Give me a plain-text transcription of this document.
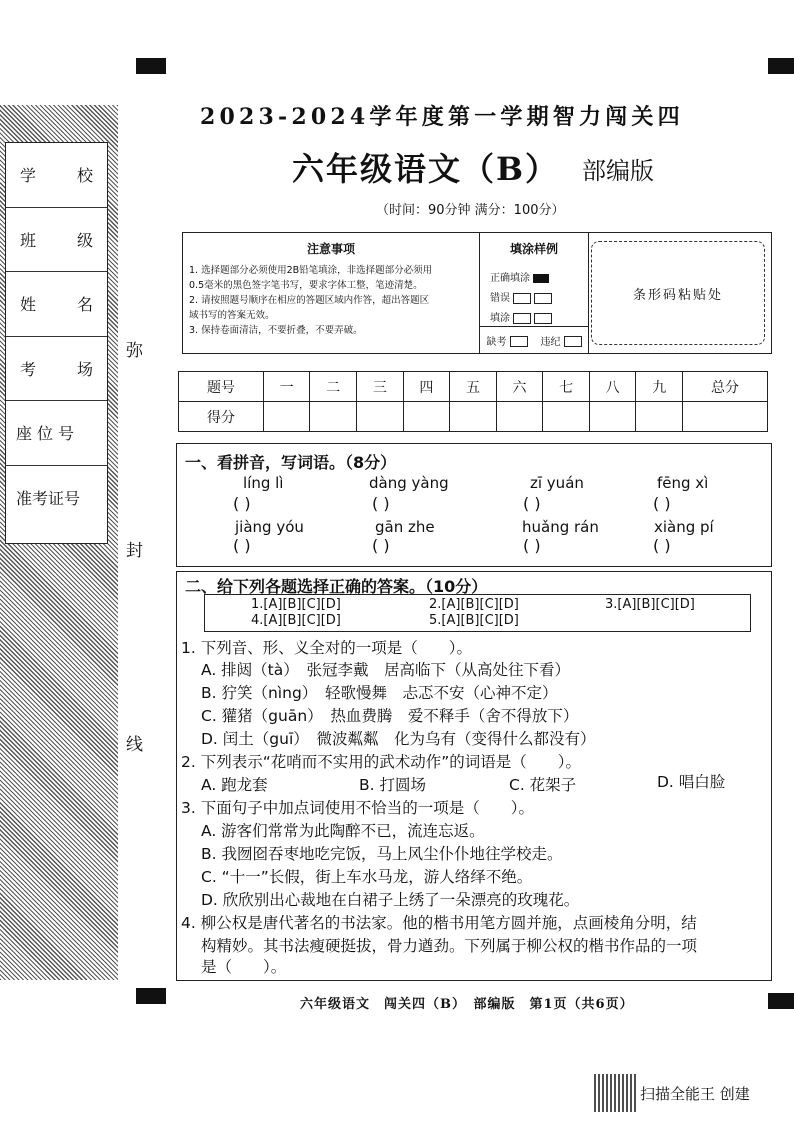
学	校
班	级
姓	名
考	场
座位号
准考证号
弥
封
线
2023-2024学年度第一学期智力闯关四
六年级语文（B） 部编版
（时间：90分钟 满分：100分）
注意事项
1. 选择题部分必须使用2B铅笔填涂，非选择题部分必须用
0.5毫米的黑色签字笔书写，要求字体工整，笔迹清楚。
2. 请按照题号顺序在相应的答题区域内作答，超出答题区
域书写的答案无效。
3. 保持卷面清洁，不要折叠，不要弄破。
填涂样例
正确填涂
错误
填涂
缺考	违纪
条形码粘贴处
题号	一	二	三	四	五	六	七	八	九	总分
得分										
一、看拼音，写词语。（8分）
líng lì	dàng yàng	zī yuán	fēng xì
( )	( )	( )	( )
jiàng yóu	gān zhe	huǎng rán	xiàng pí
( )	( )	( )	( )
二、给下列各题选择正确的答案。（10分）
1.[A][B][C][D]	2.[A][B][C][D]	3.[A][B][C][D]
4.[A][B][C][D]	5.[A][B][C][D]
1. 下列音、形、义全对的一项是（　　）。
A. 排闼（tà）　张冠李戴　居高临下（从高处往下看）
B. 狞笑（nìng）　轻歌慢舞　忐忑不安（心神不定）
C. 獾猪（guān）　热血费腾　爱不释手（舍不得放下）
D. 闰土（guī）　微波粼粼　化为乌有（变得什么都没有）
2. 下列表示“花哨而不实用的武术动作”的词语是（　　）。
A. 跑龙套	B. 打圆场	C. 花架子	D. 唱白脸
3. 下面句子中加点词使用不恰当的一项是（　　）。
A. 游客们常常为此陶醉不已，流连忘返。
B. 我囫囵吞枣地吃完饭，马上风尘仆仆地往学校走。
C. “十一”长假，街上车水马龙，游人络绎不绝。
D. 欣欣别出心裁地在白裙子上绣了一朵漂亮的玫瑰花。
4. 柳公权是唐代著名的书法家。他的楷书用笔方圆并施，点画棱角分明，结
构精妙。其书法瘦硬挺拔，骨力遒劲。下列属于柳公权的楷书作品的一项
是（　　）。
六年级语文　闯关四（B）　部编版　第1页（共6页）
扫描全能王 创建
